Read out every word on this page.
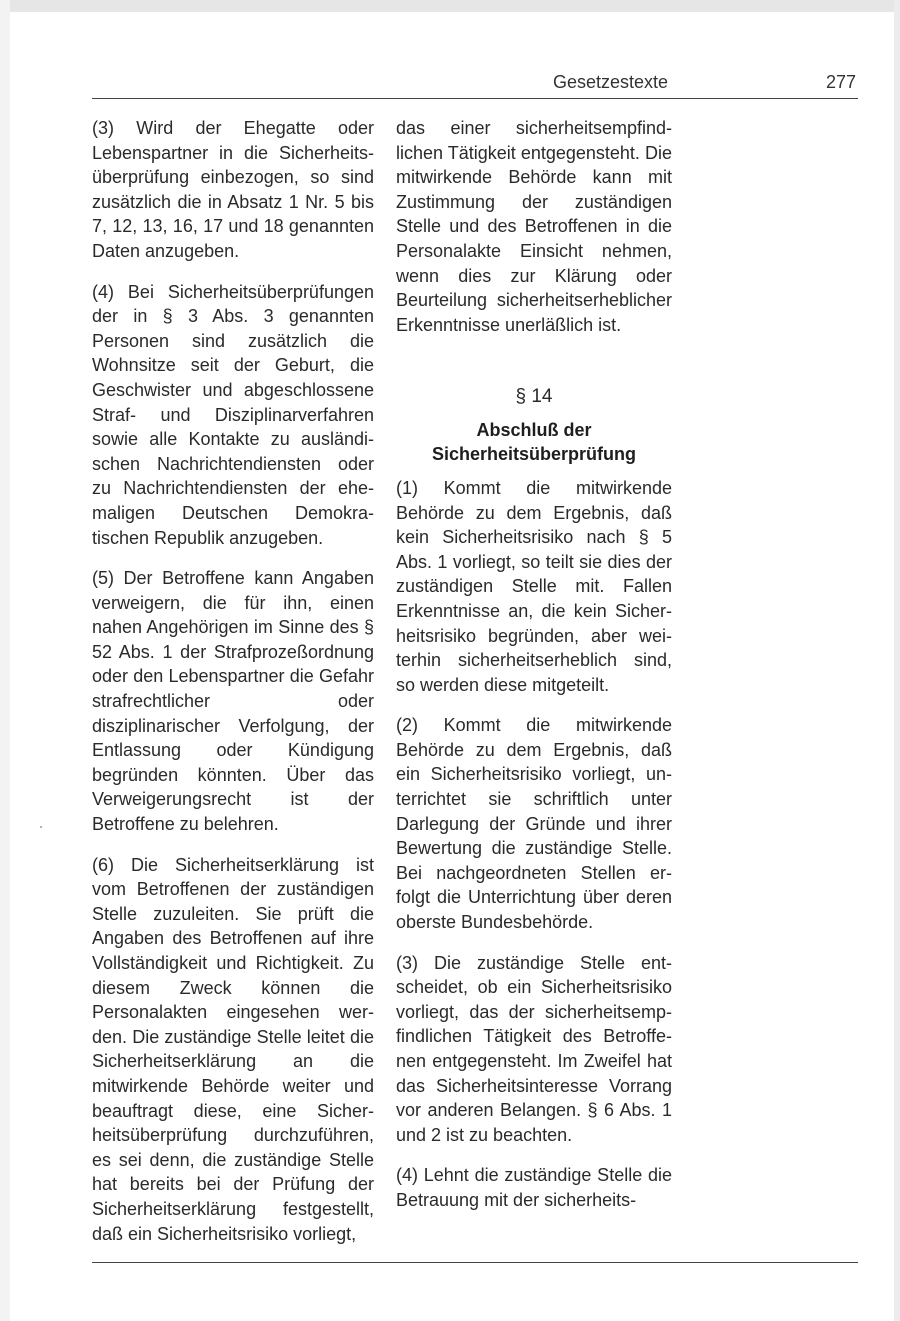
Gesetzestexte	277

(3) Wird der Ehegatte oder Lebenspartner in die Sicherheitsüberprüfung einbezogen, so sind zusätzlich die in Absatz 1 Nr. 5 bis 7, 12, 13, 16, 17 und 18 genannten Daten anzugeben.

(4) Bei Sicherheitsüberprüfungen der in § 3 Abs. 3 genannten Personen sind zusätzlich die Wohnsitze seit der Geburt, die Geschwister und abgeschlossene Straf- und Disziplinarverfahren sowie alle Kontakte zu ausländischen Nachrichtendiensten oder zu Nachrichtendiensten der ehemaligen Deutschen Demokratischen Republik anzugeben.

(5) Der Betroffene kann Angaben verweigern, die für ihn, einen nahen Angehörigen im Sinne des § 52 Abs. 1 der Strafprozeßordnung oder den Lebenspartner die Gefahr strafrechtlicher oder disziplinarischer Verfolgung, der Entlassung oder Kündigung begründen könnten. Über das Verweigerungsrecht ist der Betroffene zu belehren.

(6) Die Sicherheitserklärung ist vom Betroffenen der zuständigen Stelle zuzuleiten. Sie prüft die Angaben des Betroffenen auf ihre Vollständigkeit und Richtigkeit. Zu diesem Zweck können die Personalakten eingesehen werden. Die zuständige Stelle leitet die Sicherheitserklärung an die mitwirkende Behörde weiter und beauftragt diese, eine Sicherheitsüberprüfung durchzuführen, es sei denn, die zuständige Stelle hat bereits bei der Prüfung der Sicherheitserklärung festgestellt, daß ein Sicherheitsrisiko vorliegt,

das einer sicherheitsempfindlichen Tätigkeit entgegensteht. Die mitwirkende Behörde kann mit Zustimmung der zuständigen Stelle und des Betroffenen in die Personalakte Einsicht nehmen, wenn dies zur Klärung oder Beurteilung sicherheitserheblicher Erkenntnisse unerläßlich ist.

§ 14
Abschluß der
Sicherheitsüberprüfung

(1) Kommt die mitwirkende Behörde zu dem Ergebnis, daß kein Sicherheitsrisiko nach § 5 Abs. 1 vorliegt, so teilt sie dies der zuständigen Stelle mit. Fallen Erkenntnisse an, die kein Sicherheitsrisiko begründen, aber weiterhin sicherheitserheblich sind, so werden diese mitgeteilt.

(2) Kommt die mitwirkende Behörde zu dem Ergebnis, daß ein Sicherheitsrisiko vorliegt, unterrichtet sie schriftlich unter Darlegung der Gründe und ihrer Bewertung die zuständige Stelle. Bei nachgeordneten Stellen erfolgt die Unterrichtung über deren oberste Bundesbehörde.

(3) Die zuständige Stelle entscheidet, ob ein Sicherheitsrisiko vorliegt, das der sicherheitsempfindlichen Tätigkeit des Betroffenen entgegensteht. Im Zweifel hat das Sicherheitsinteresse Vorrang vor anderen Belangen. § 6 Abs. 1 und 2 ist zu beachten.

(4) Lehnt die zuständige Stelle die Betrauung mit der sicherheits-
